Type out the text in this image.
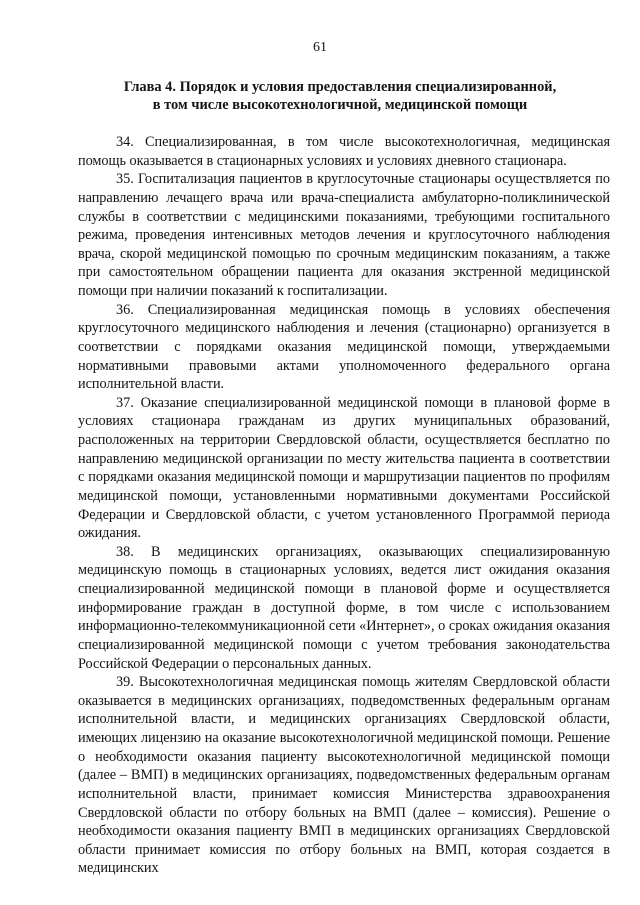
61
Глава 4. Порядок и условия предоставления специализированной,
в том числе высокотехнологичной, медицинской помощи

34. Специализированная, в том числе высокотехнологичная, медицинская помощь оказывается в стационарных условиях и условиях дневного стационара.

35. Госпитализация пациентов в круглосуточные стационары осуществляется по направлению лечащего врача или врача-специалиста амбулаторно-поликлинической службы в соответствии с медицинскими показаниями, требующими госпитального режима, проведения интенсивных методов лечения и круглосуточного наблюдения врача, скорой медицинской помощью по срочным медицинским показаниям, а также при самостоятельном обращении пациента для оказания экстренной медицинской помощи при наличии показаний к госпитализации.

36. Специализированная медицинская помощь в условиях обеспечения круглосуточного медицинского наблюдения и лечения (стационарно) организуется в соответствии с порядками оказания медицинской помощи, утверждаемыми нормативными правовыми актами уполномоченного федерального органа исполнительной власти.

37. Оказание специализированной медицинской помощи в плановой форме в условиях стационара гражданам из других муниципальных образований, расположенных на территории Свердловской области, осуществляется бесплатно по направлению медицинской организации по месту жительства пациента в соответствии с порядками оказания медицинской помощи и маршрутизации пациентов по профилям медицинской помощи, установленными нормативными документами Российской Федерации и Свердловской области, с учетом установленного Программой периода ожидания.

38. В медицинских организациях, оказывающих специализированную медицинскую помощь в стационарных условиях, ведется лист ожидания оказания специализированной медицинской помощи в плановой форме и осуществляется информирование граждан в доступной форме, в том числе с использованием информационно-телекоммуникационной сети «Интернет», о сроках ожидания оказания специализированной медицинской помощи с учетом требования законодательства Российской Федерации о персональных данных.

39. Высокотехнологичная медицинская помощь жителям Свердловской области оказывается в медицинских организациях, подведомственных федеральным органам исполнительной власти, и медицинских организациях Свердловской области, имеющих лицензию на оказание высокотехнологичной медицинской помощи. Решение о необходимости оказания пациенту высокотехнологичной медицинской помощи (далее – ВМП) в медицинских организациях, подведомственных федеральным органам исполнительной власти, принимает комиссия Министерства здравоохранения Свердловской области по отбору больных на ВМП (далее – комиссия). Решение о необходимости оказания пациенту ВМП в медицинских организациях Свердловской области принимает комиссия по отбору больных на ВМП, которая создается в медицинских
